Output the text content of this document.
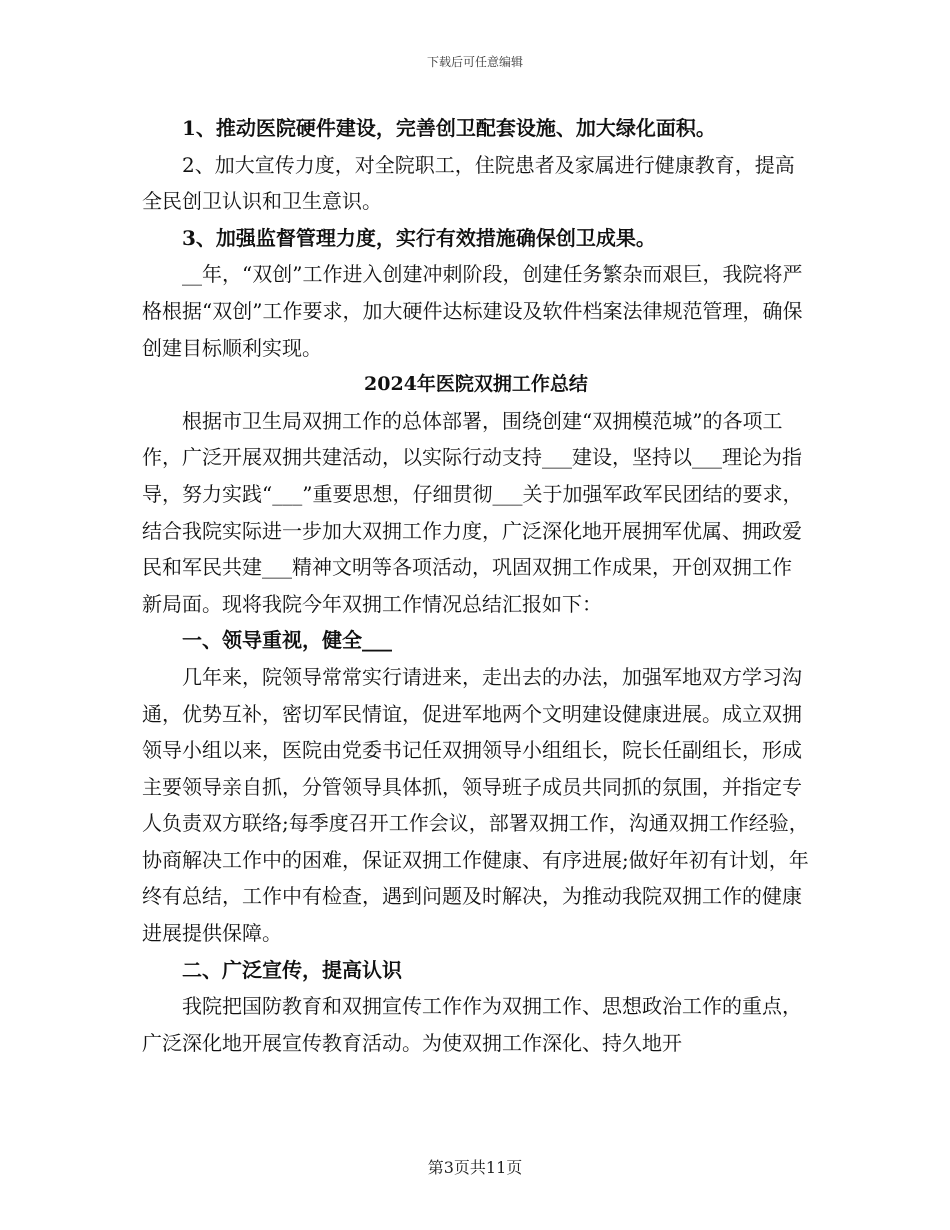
下载后可任意编辑

1、推动医院硬件建设，完善创卫配套设施、加大绿化面积。

2、加大宣传力度，对全院职工，住院患者及家属进行健康教育，提高全民创卫认识和卫生意识。

3、加强监督管理力度，实行有效措施确保创卫成果。

__年，“双创”工作进入创建冲刺阶段，创建任务繁杂而艰巨，我院将严格根据“双创”工作要求，加大硬件达标建设及软件档案法律规范管理，确保创建目标顺利实现。

2024年医院双拥工作总结

根据市卫生局双拥工作的总体部署，围绕创建“双拥模范城”的各项工作，广泛开展双拥共建活动，以实际行动支持___建设，坚持以___理论为指导，努力实践“___”重要思想，仔细贯彻___关于加强军政军民团结的要求，结合我院实际进一步加大双拥工作力度，广泛深化地开展拥军优属、拥政爱民和军民共建___精神文明等各项活动，巩固双拥工作成果，开创双拥工作新局面。现将我院今年双拥工作情况总结汇报如下：

一、领导重视，健全___

几年来，院领导常常实行请进来，走出去的办法，加强军地双方学习沟通，优势互补，密切军民情谊，促进军地两个文明建设健康进展。成立双拥领导小组以来，医院由党委书记任双拥领导小组组长，院长任副组长，形成主要领导亲自抓，分管领导具体抓，领导班子成员共同抓的氛围，并指定专人负责双方联络;每季度召开工作会议，部署双拥工作，沟通双拥工作经验，协商解决工作中的困难，保证双拥工作健康、有序进展;做好年初有计划，年终有总结，工作中有检查，遇到问题及时解决，为推动我院双拥工作的健康进展提供保障。

二、广泛宣传，提高认识

我院把国防教育和双拥宣传工作作为双拥工作、思想政治工作的重点，广泛深化地开展宣传教育活动。为使双拥工作深化、持久地开

第3页共11页
